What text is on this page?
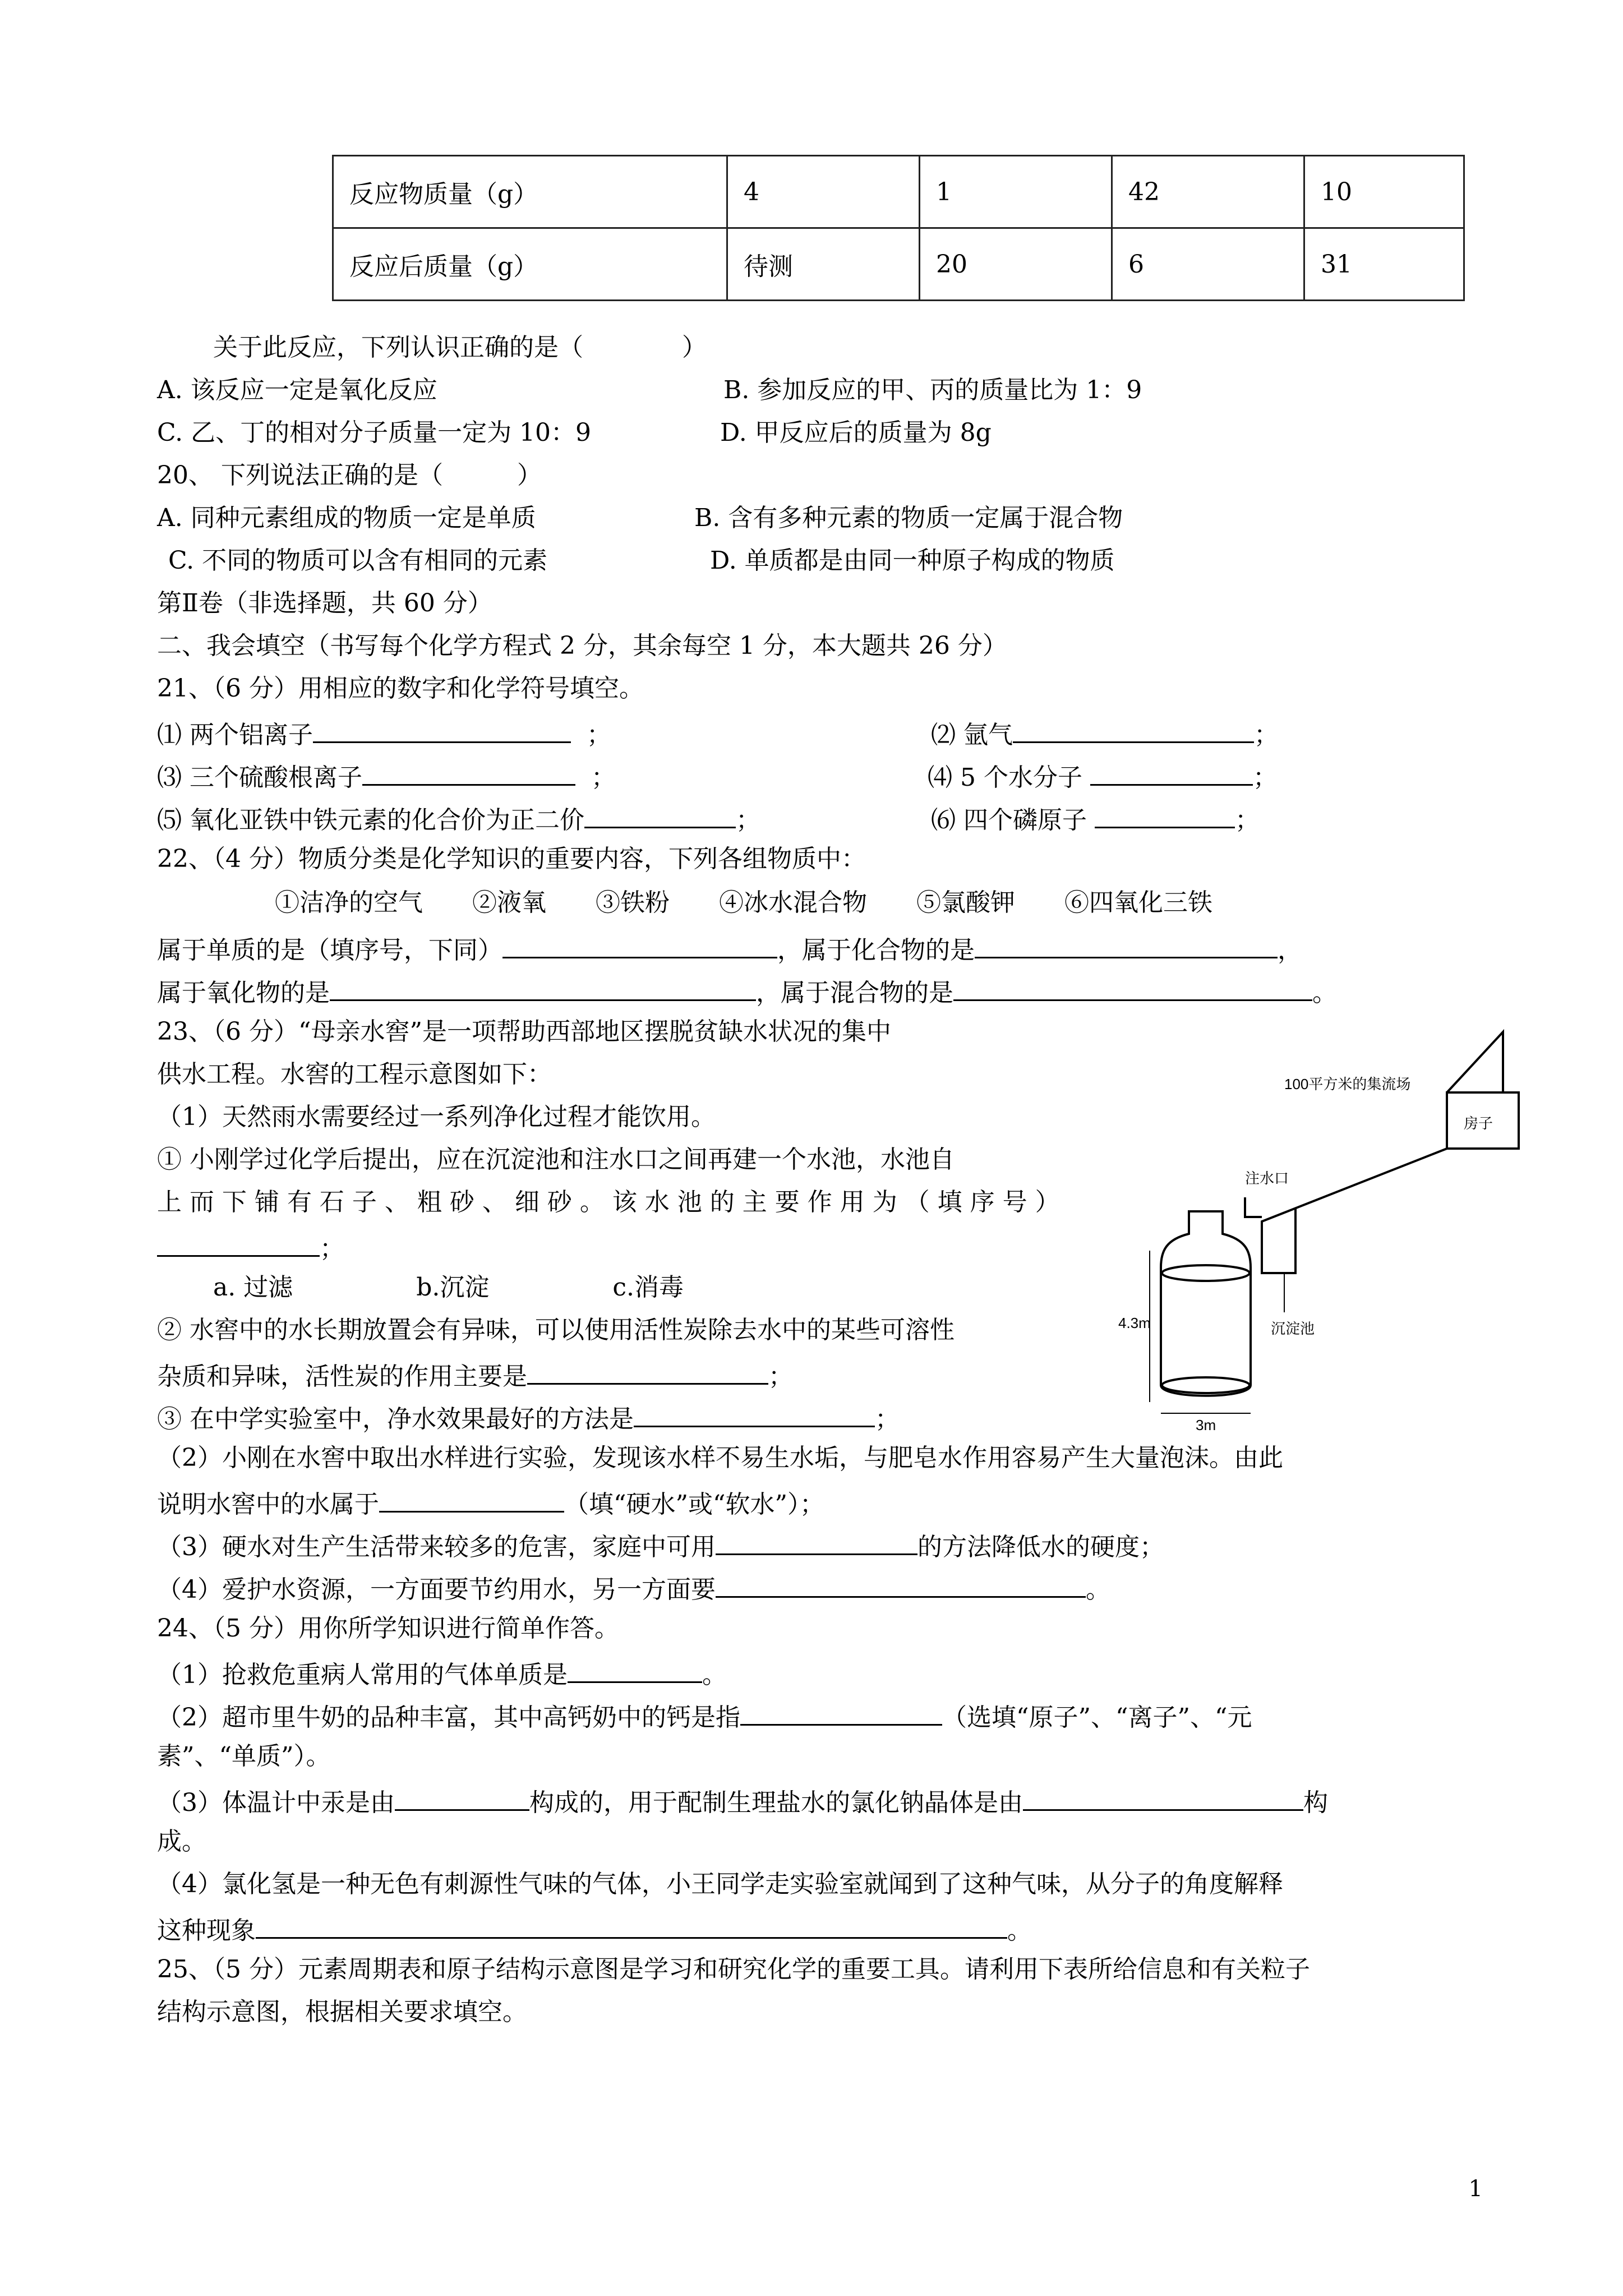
反应物质量（g）	4	1	42	10
反应后质量（g）	待测	20	6	31
关于此反应，下列认识正确的是（　　　　）
A. 该反应一定是氧化反应	B. 参加反应的甲、丙的质量比为 1：9
C. 乙、丁的相对分子质量一定为 10：9	D. 甲反应后的质量为 8g
20、 下列说法正确的是（　　　）
A. 同种元素组成的物质一定是单质	B. 含有多种元素的物质一定属于混合物
C. 不同的物质可以含有相同的元素	D. 单质都是由同一种原子构成的物质
第Ⅱ卷（非选择题，共 60 分）
二、我会填空（书写每个化学方程式 2 分，其余每空 1 分，本大题共 26 分）
21、（6 分）用相应的数字和化学符号填空。
⑴ 两个铝离子	；	⑵ 氩气	；
⑶ 三个硫酸根离子	；	⑷ 5 个水分子	；
⑸ 氧化亚铁中铁元素的化合价为正二价	；	⑹ 四个磷原子	；
22、（4 分）物质分类是化学知识的重要内容，下列各组物质中：
①洁净的空气　　②液氧　　③铁粉　　④冰水混合物　　⑤氯酸钾　　⑥四氧化三铁
属于单质的是（填序号，下同）	，属于化合物的是	，
属于氧化物的是	，属于混合物的是	。
23、（6 分）“母亲水窖”是一项帮助西部地区摆脱贫缺水状况的集中
供水工程。水窖的工程示意图如下：
（1）天然雨水需要经过一系列净化过程才能饮用。
① 小刚学过化学后提出，应在沉淀池和注水口之间再建一个水池，水池自
上 而 下 铺 有 石 子 、 粗 砂 、 细 砂 。 该 水 池 的 主 要 作 用 为 （ 填 序 号 ）
；
a. 过滤　　　　　b.沉淀　　　　　c.消毒
② 水窖中的水长期放置会有异味，可以使用活性炭除去水中的某些可溶性
杂质和异味，活性炭的作用主要是	；
③ 在中学实验室中，净水效果最好的方法是	；
（2）小刚在水窖中取出水样进行实验，发现该水样不易生水垢，与肥皂水作用容易产生大量泡沫。由此
说明水窖中的水属于	（填“硬水”或“软水”）；
（3）硬水对生产生活带来较多的危害，家庭中可用	的方法降低水的硬度；
（4）爱护水资源，一方面要节约用水，另一方面要	。
24、（5 分）用你所学知识进行简单作答。
（1）抢救危重病人常用的气体单质是	。
（2）超市里牛奶的品种丰富，其中高钙奶中的钙是指	（选填“原子”、“离子”、“元
素”、“单质”）。
（3）体温计中汞是由	构成的，用于配制生理盐水的氯化钠晶体是由	构
成。
（4）氯化氢是一种无色有刺源性气味的气体，小王同学走实验室就闻到了这种气味，从分子的角度解释
这种现象	。
25、（5 分）元素周期表和原子结构示意图是学习和研究化学的重要工具。请利用下表所给信息和有关粒子
结构示意图，根据相关要求填空。
房子
100平方米的集流场
注水口
沉淀池
4.3m
3m
1
